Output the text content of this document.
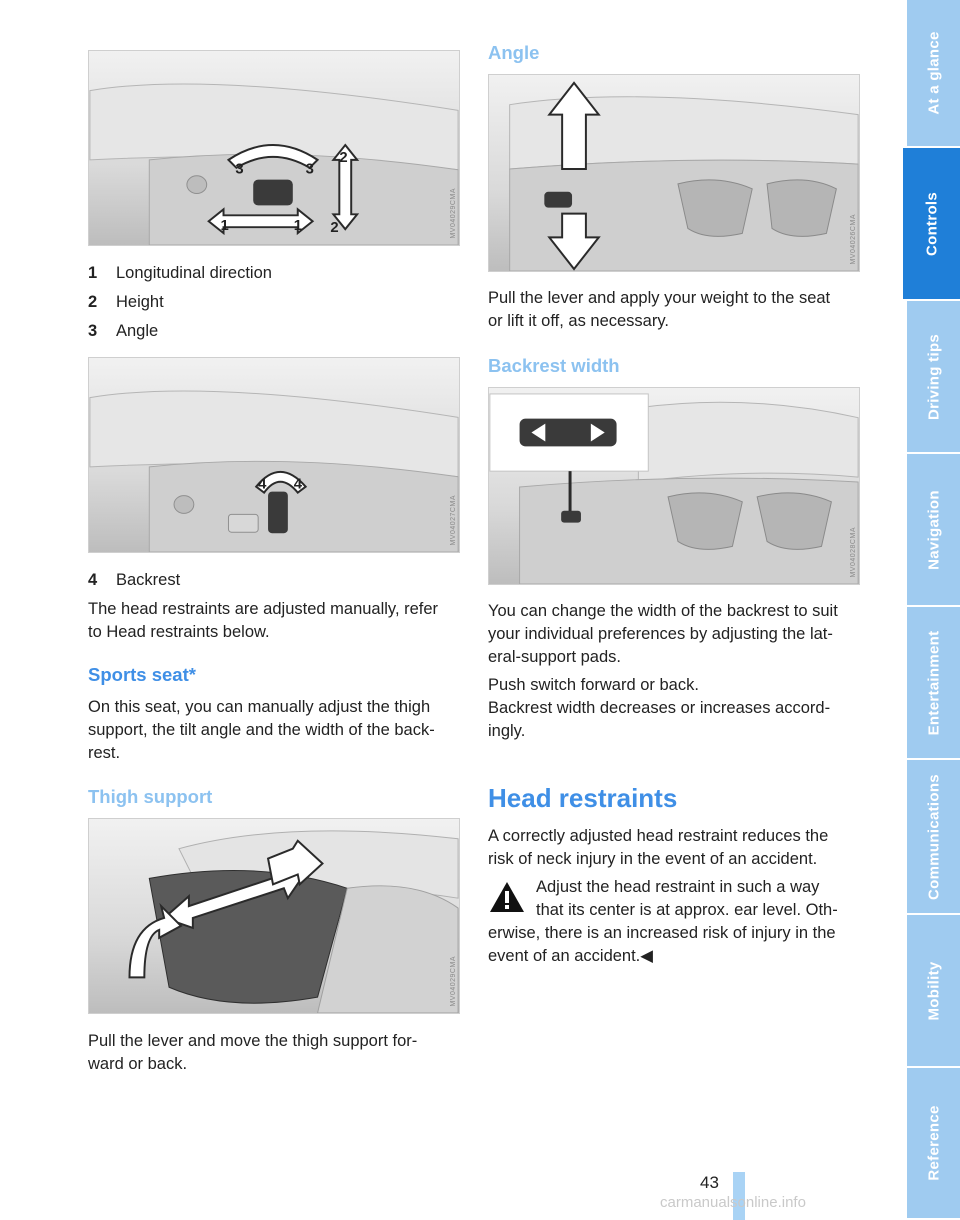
1	1
2
2
3	3
MV04029CMA
1 Longitudinal direction
2 Height
3 Angle
4 4
MV04027CMA
4 Backrest
The head restraints are adjusted manually, refer
to Head restraints below.
Sports seat*
On this seat, you can manually adjust the thigh
support, the tilt angle and the width of the back-
rest.
Thigh support
MV04029CMA
Pull the lever and move the thigh support for-
ward or back.
Angle
MV04026CMA
Pull the lever and apply your weight to the seat
or lift it off, as necessary.
Backrest width
MV04028CMA
You can change the width of the backrest to suit
your individual preferences by adjusting the lat-
eral-support pads.
Push switch forward or back.
Backrest width decreases or increases accord-
ingly.
Head restraints
A correctly adjusted head restraint reduces the
risk of neck injury in the event of an accident.
Adjust the head restraint in such a way
that its center is at approx. ear level. Oth-
erwise, there is an increased risk of injury in the
event of an accident.◀
43
At a glance
Controls
Driving tips
Navigation
Entertainment
Communications
Mobility
Reference
carmanualsonline.info
